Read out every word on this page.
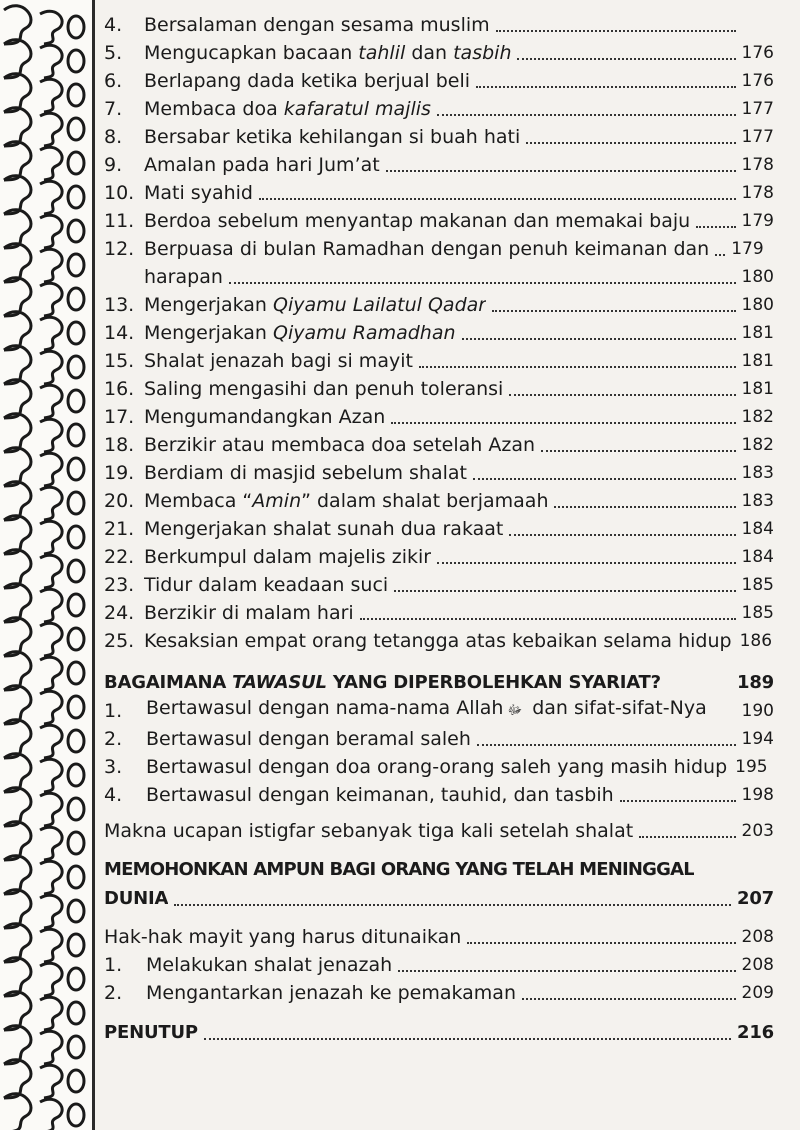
4.	Bersalaman dengan sesama muslim
5.	Mengucapkan bacaan tahlil dan tasbih	176
6.	Berlapang dada ketika berjual beli	176
7.	Membaca doa kafaratul majlis	177
8.	Bersabar ketika kehilangan si buah hati	177
9.	Amalan pada hari Jum’at	178
10. Mati syahid	178
11. Berdoa sebelum menyantap makanan dan memakai baju	179
12. Berpuasa di bulan Ramadhan dengan penuh keimanan dan 179
harapan	180
13. Mengerjakan Qiyamu Lailatul Qadar	180
14. Mengerjakan Qiyamu Ramadhan	181
15. Shalat jenazah bagi si mayit	181
16. Saling mengasihi dan penuh toleransi	181
17. Mengumandangkan Azan	182
18. Berzikir atau membaca doa setelah Azan	182
19. Berdiam di masjid sebelum shalat	183
20. Membaca “Amin” dalam shalat berjamaah	183
21. Mengerjakan shalat sunah dua rakaat	184
22. Berkumpul dalam majelis zikir	184
23. Tidur dalam keadaan suci	185
24. Berzikir di malam hari	185
25. Kesaksian empat orang tetangga atas kebaikan selama hidup 186
BAGAIMANA TAWASUL YANG DIPERBOLEHKAN SYARIAT?	189
1.	Bertawasul dengan nama-nama Allah ﷻ dan sifat-sifat-Nya 190
2.	Bertawasul dengan beramal saleh	194
3.	Bertawasul dengan doa orang-orang saleh yang masih hidup 195
4.	Bertawasul dengan keimanan, tauhid, dan tasbih	198
Makna ucapan istigfar sebanyak tiga kali setelah shalat	203
MEMOHONKAN AMPUN BAGI ORANG YANG TELAH MENINGGAL
DUNIA	207
Hak-hak mayit yang harus ditunaikan	208
1.	Melakukan shalat jenazah	208
2.	Mengantarkan jenazah ke pemakaman	209
PENUTUP	216
